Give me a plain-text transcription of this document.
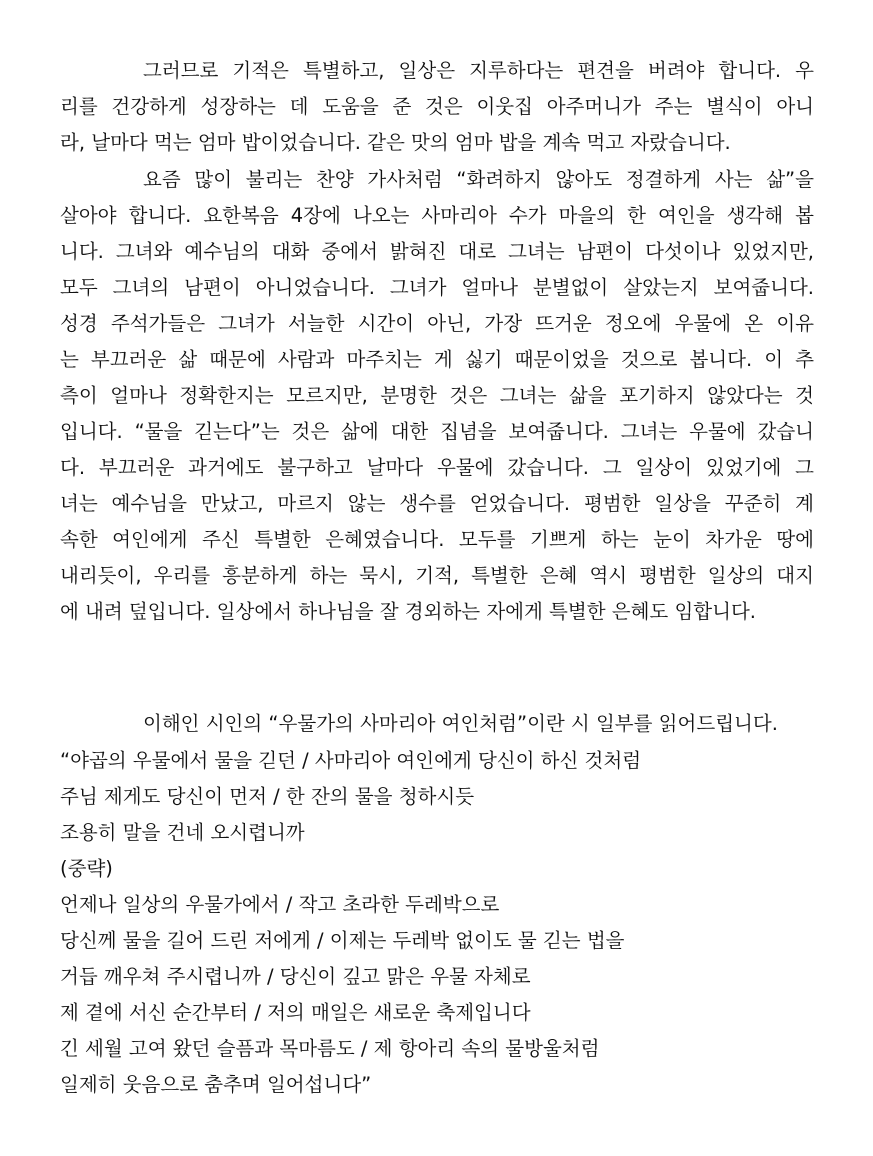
그러므로 기적은 특별하고, 일상은 지루하다는 편견을 버려야 합니다. 우
리를 건강하게 성장하는 데 도움을 준 것은 이웃집 아주머니가 주는 별식이 아니
라, 날마다 먹는 엄마 밥이었습니다. 같은 맛의 엄마 밥을 계속 먹고 자랐습니다.
요즘 많이 불리는 찬양 가사처럼 “화려하지 않아도 정결하게 사는 삶”을
살아야 합니다. 요한복음 4장에 나오는 사마리아 수가 마을의 한 여인을 생각해 봅
니다. 그녀와 예수님의 대화 중에서 밝혀진 대로 그녀는 남편이 다섯이나 있었지만,
모두 그녀의 남편이 아니었습니다. 그녀가 얼마나 분별없이 살았는지 보여줍니다.
성경 주석가들은 그녀가 서늘한 시간이 아닌, 가장 뜨거운 정오에 우물에 온 이유
는 부끄러운 삶 때문에 사람과 마주치는 게 싫기 때문이었을 것으로 봅니다. 이 추
측이 얼마나 정확한지는 모르지만, 분명한 것은 그녀는 삶을 포기하지 않았다는 것
입니다. “물을 긷는다”는 것은 삶에 대한 집념을 보여줍니다. 그녀는 우물에 갔습니
다. 부끄러운 과거에도 불구하고 날마다 우물에 갔습니다. 그 일상이 있었기에 그
녀는 예수님을 만났고, 마르지 않는 생수를 얻었습니다. 평범한 일상을 꾸준히 계
속한 여인에게 주신 특별한 은혜였습니다. 모두를 기쁘게 하는 눈이 차가운 땅에
내리듯이, 우리를 흥분하게 하는 묵시, 기적, 특별한 은혜 역시 평범한 일상의 대지
에 내려 덮입니다. 일상에서 하나님을 잘 경외하는 자에게 특별한 은혜도 임합니다.
이해인 시인의 “우물가의 사마리아 여인처럼”이란 시 일부를 읽어드립니다.
“야곱의 우물에서 물을 긷던 / 사마리아 여인에게 당신이 하신 것처럼
주님 제게도 당신이 먼저 / 한 잔의 물을 청하시듯
조용히 말을 건네 오시렵니까
(중략)
언제나 일상의 우물가에서 / 작고 초라한 두레박으로
당신께 물을 길어 드린 저에게 / 이제는 두레박 없이도 물 긷는 법을
거듭 깨우쳐 주시렵니까 / 당신이 깊고 맑은 우물 자체로
제 곁에 서신 순간부터 / 저의 매일은 새로운 축제입니다
긴 세월 고여 왔던 슬픔과 목마름도 / 제 항아리 속의 물방울처럼
일제히 웃음으로 춤추며 일어섭니다”
